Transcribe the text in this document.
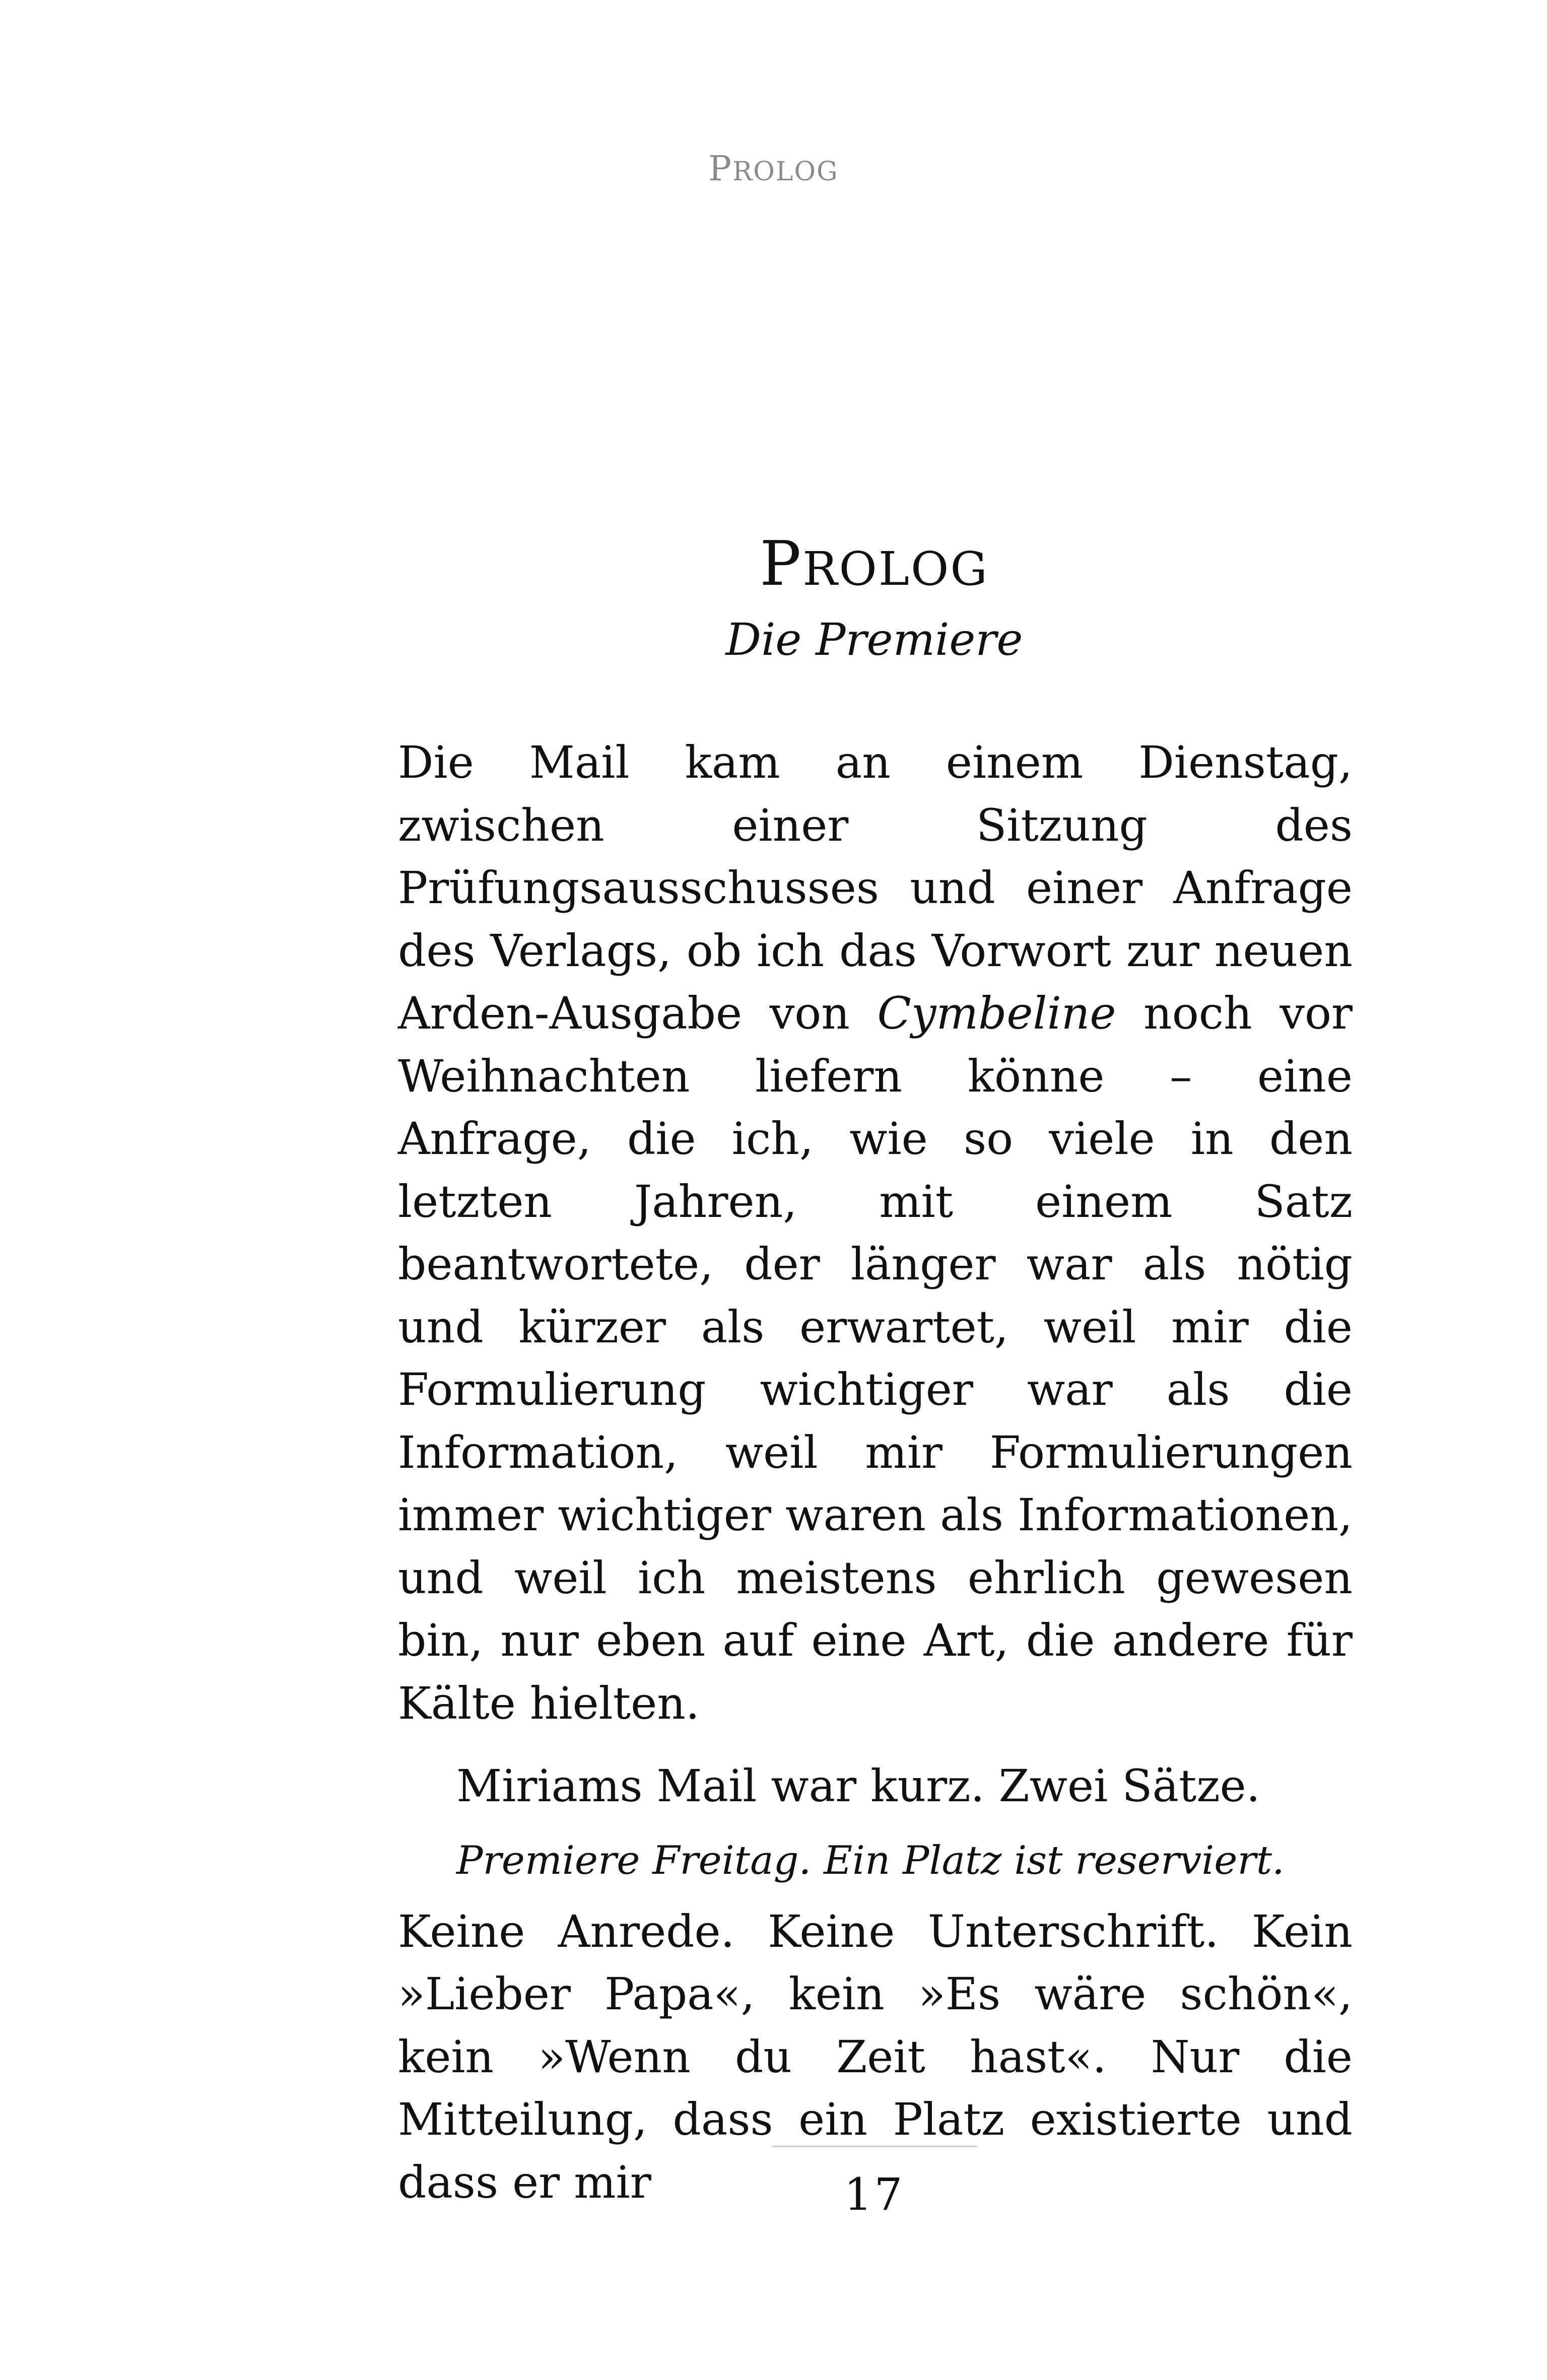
PROLOG
PROLOG
Die Premiere

Die Mail kam an einem Dienstag, zwischen einer Sitzung des Prüfungsausschusses und einer Anfrage des Verlags, ob ich das Vorwort zur neuen Arden-Ausgabe von Cymbeline noch vor Weihnachten liefern könne – eine Anfrage, die ich, wie so viele in den letzten Jahren, mit einem Satz beantwortete, der länger war als nötig und kürzer als erwartet, weil mir die Formulierung wichtiger war als die Information, weil mir Formulierungen immer wichtiger waren als Informationen, und weil ich meistens ehrlich gewesen bin, nur eben auf eine Art, die andere für Kälte hielten.

Miriams Mail war kurz. Zwei Sätze.

Premiere Freitag. Ein Platz ist reserviert.

Keine Anrede. Keine Unterschrift. Kein »Lieber Papa«, kein »Es wäre schön«, kein »Wenn du Zeit hast«. Nur die Mitteilung, dass ein Platz existierte und dass er mir	17
